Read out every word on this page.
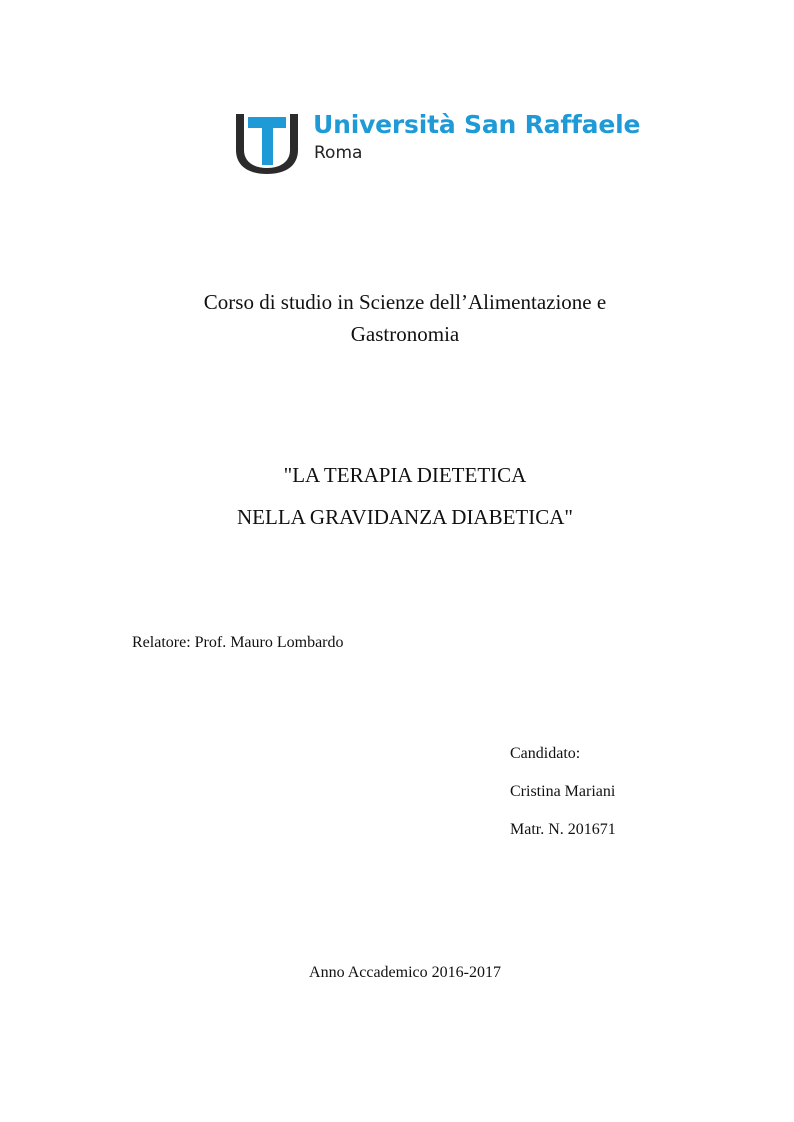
Università San Raffaele
Roma
Corso di studio in Scienze dell’Alimentazione e
Gastronomia
"LA TERAPIA DIETETICA
NELLA GRAVIDANZA DIABETICA"
Relatore: Prof. Mauro Lombardo
Candidato:
Cristina Mariani
Matr. N. 201671
Anno Accademico 2016-2017
